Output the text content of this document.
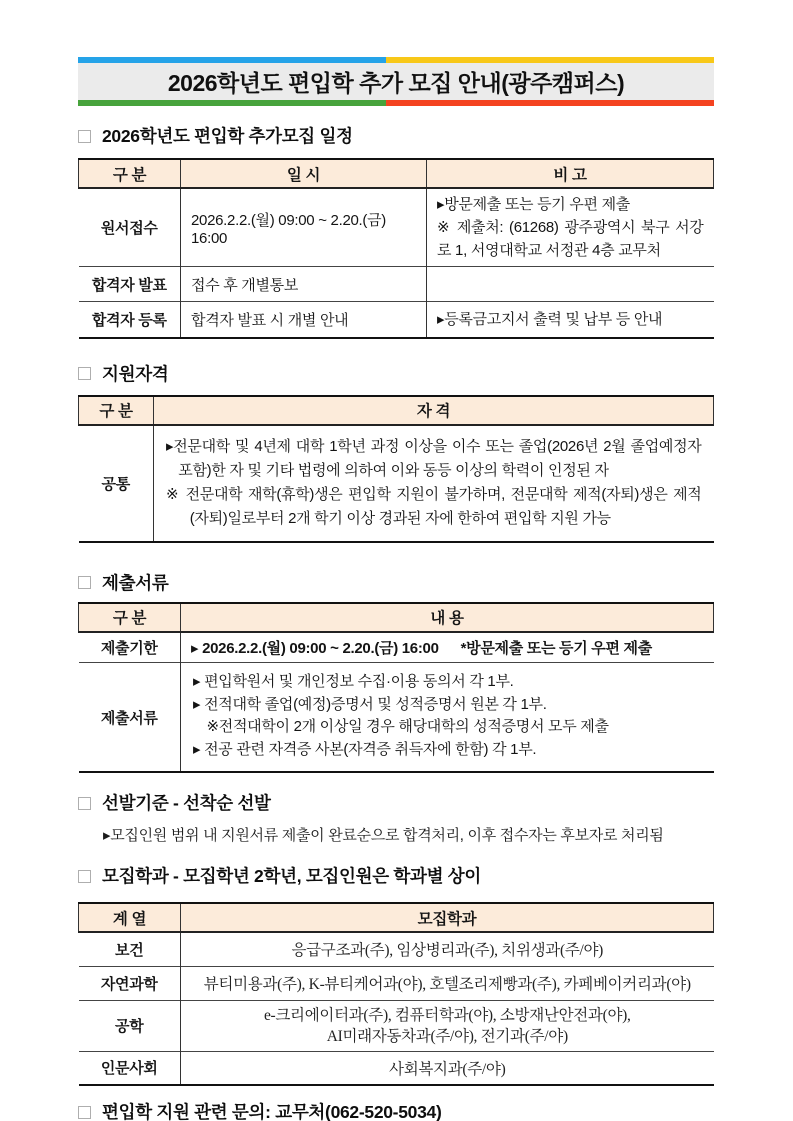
2026학년도 편입학 추가 모집 안내(광주캠퍼스)
2026학년도 편입학 추가모집 일정
구 분	일 시	비 고
원서접수	2026.2.2.(월) 09:00 ~ 2.20.(금) 16:00	▸방문제출 또는 등기 우편 제출
※ 제출처: (61268) 광주광역시 북구 서강로 1, 서영대학교 서정관 4층 교무처

합격자 발표	접수 후 개별통보	

합격자 등록	합격자 발표 시 개별 안내	▸등록금고지서 출력 및 납부 등 안내
지원자격
구 분	자 격
공통	▸전문대학 및 4년제 대학 1학년 과정 이상을 이수 또는 졸업(2026년 2월 졸업예정자 포함)한 자 및 기타 법령에 의하여 이와 동등 이상의 학력이 인정된 자

※ 전문대학 재학(휴학)생은 편입학 지원이 불가하며, 전문대학 제적(자퇴)생은 제적(자퇴)일로부터 2개 학기 이상 경과된 자에 한하여 편입학 지원 가능

제출서류
구 분	내 용
제출기한	▸ 2026.2.2.(월) 09:00 ~ 2.20.(금) 16:00 *방문제출 또는 등기 우편 제출
제출서류	▸ 편입학원서 및 개인정보 수집·이용 동의서 각 1부.
▸ 전적대학 졸업(예정)증명서 및 성적증명서 원본 각 1부.
※전적대학이 2개 이상일 경우 해당대학의 성적증명서 모두 제출
▸ 전공 관련 자격증 사본(자격증 취득자에 한함) 각 1부.
선발기준 - 선착순 선발
▸모집인원 범위 내 지원서류 제출이 완료순으로 합격처리, 이후 접수자는 후보자로 처리됨
모집학과 - 모집학년 2학년, 모집인원은 학과별 상이
계 열	모집학과
보건	응급구조과(주), 임상병리과(주), 치위생과(주/야)
자연과학	뷰티미용과(주), K-뷰티케어과(야), 호텔조리제빵과(주), 카페베이커리과(야)
공학	e-크리에이터과(주), 컴퓨터학과(야), 소방재난안전과(야),
AI미래자동차과(주/야), 전기과(주/야)

인문사회	사회복지과(주/야)
편입학 지원 관련 문의: 교무처(062-520-5034)
